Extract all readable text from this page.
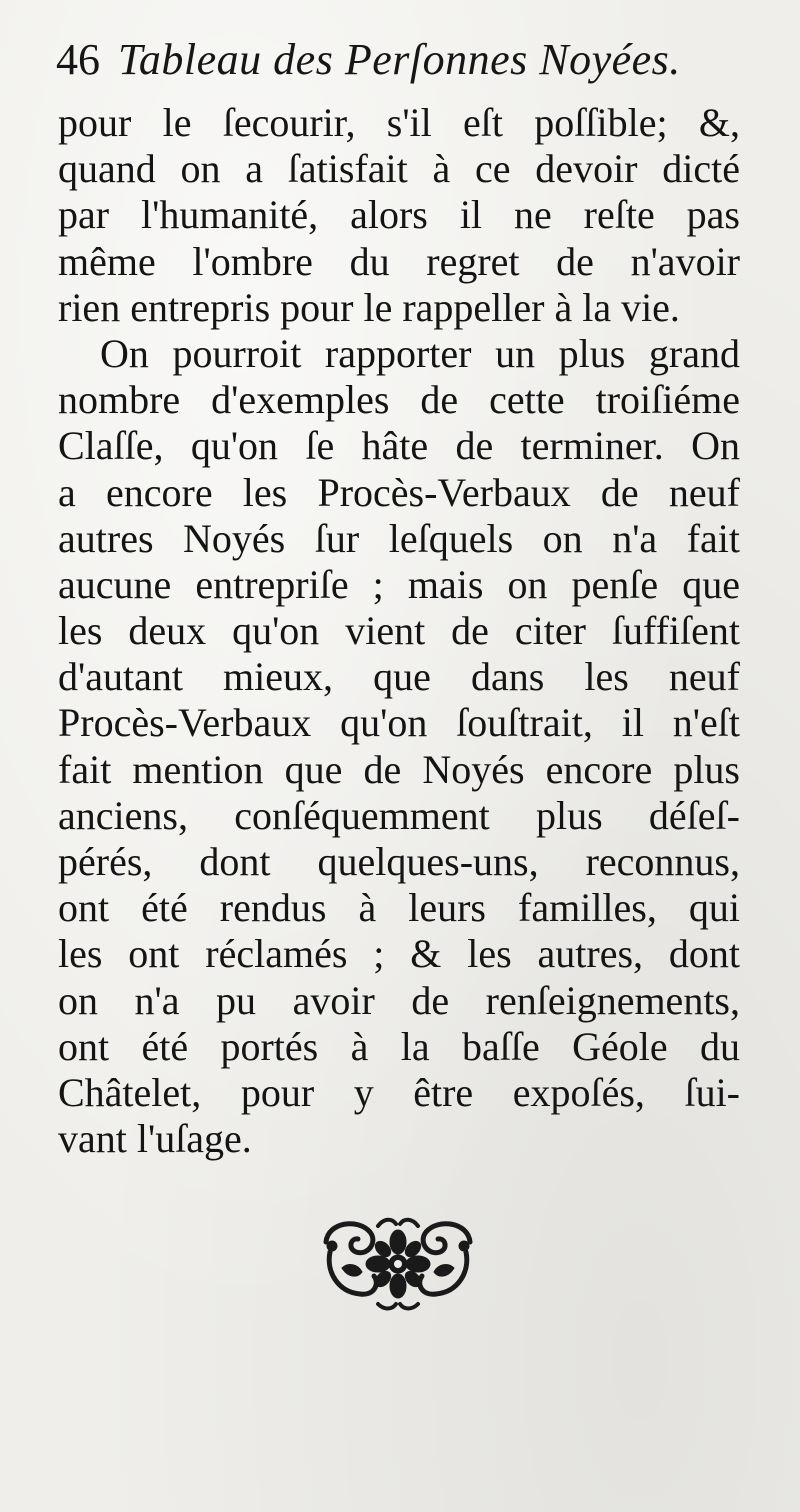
46 Tableau des Perſonnes Noyées.
pour le ſecourir, s'il eſt poſſible; &,
quand on a ſatisfait à ce devoir dicté
par l'humanité, alors il ne reſte pas
même l'ombre du regret de n'avoir
rien entrepris pour le rappeller à la vie.
On pourroit rapporter un plus grand
nombre d'exemples de cette troiſiéme
Claſſe, qu'on ſe hâte de terminer. On
a encore les Procès-Verbaux de neuf
autres Noyés ſur leſquels on n'a fait
aucune entrepriſe ; mais on penſe que
les deux qu'on vient de citer ſuffiſent
d'autant mieux, que dans les neuf
Procès-Verbaux qu'on ſouſtrait, il n'eſt
fait mention que de Noyés encore plus
anciens, conſéquemment plus déſeſ-
pérés, dont quelques-uns, reconnus,
ont été rendus à leurs familles, qui
les ont réclamés ; & les autres, dont
on n'a pu avoir de renſeignements,
ont été portés à la baſſe Géole du
Châtelet, pour y être expoſés, ſui-
vant l'uſage.
